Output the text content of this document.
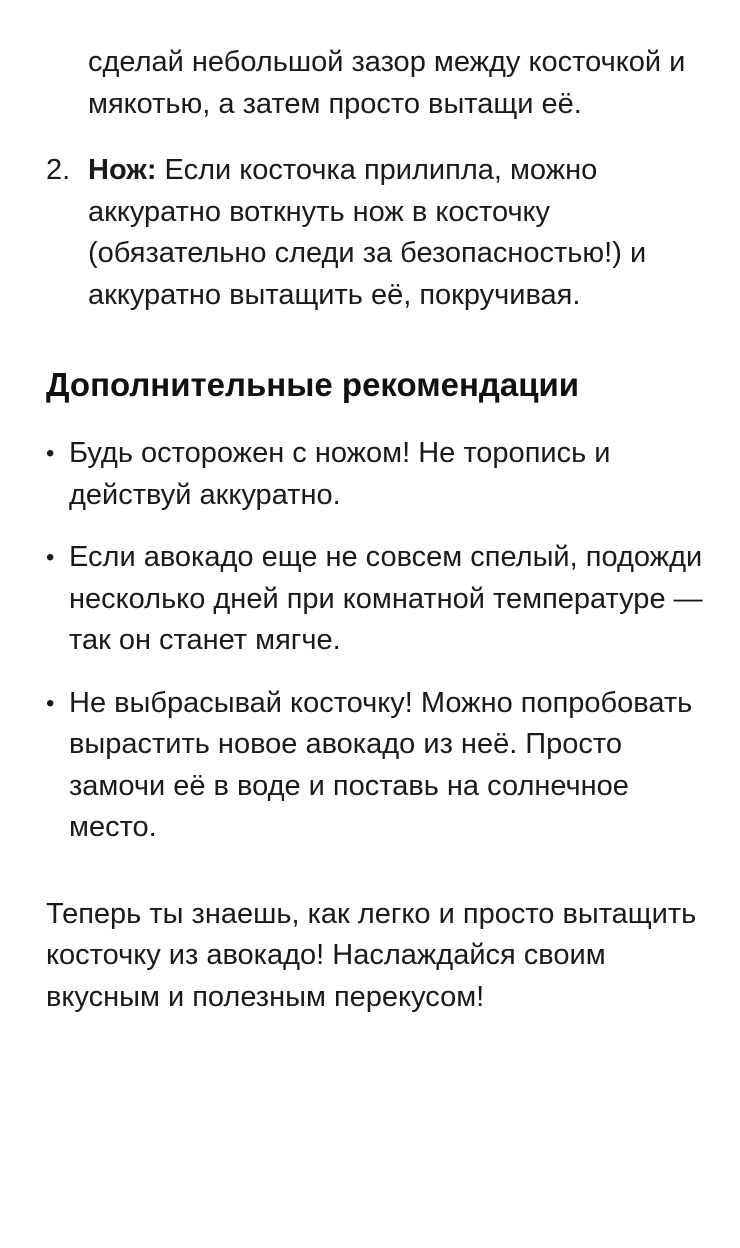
сделай небольшой зазор между косточкой и мякотью, а затем просто вытащи её.

2. Нож: Если косточка прилипла, можно аккуратно воткнуть нож в косточку (обязательно следи за безопасностью!) и аккуратно вытащить её, покручивая.
Дополнительные рекомендации
• Будь осторожен с ножом! Не торопись и действуй аккуратно.
• Если авокадо еще не совсем спелый, подожди несколько дней при комнатной температуре — так он станет мягче.
• Не выбрасывай косточку! Можно попробовать вырастить новое авокадо из неё. Просто замочи её в воде и поставь на солнечное место.

Теперь ты знаешь, как легко и просто вытащить косточку из авокадо! Наслаждайся своим вкусным и полезным перекусом!
